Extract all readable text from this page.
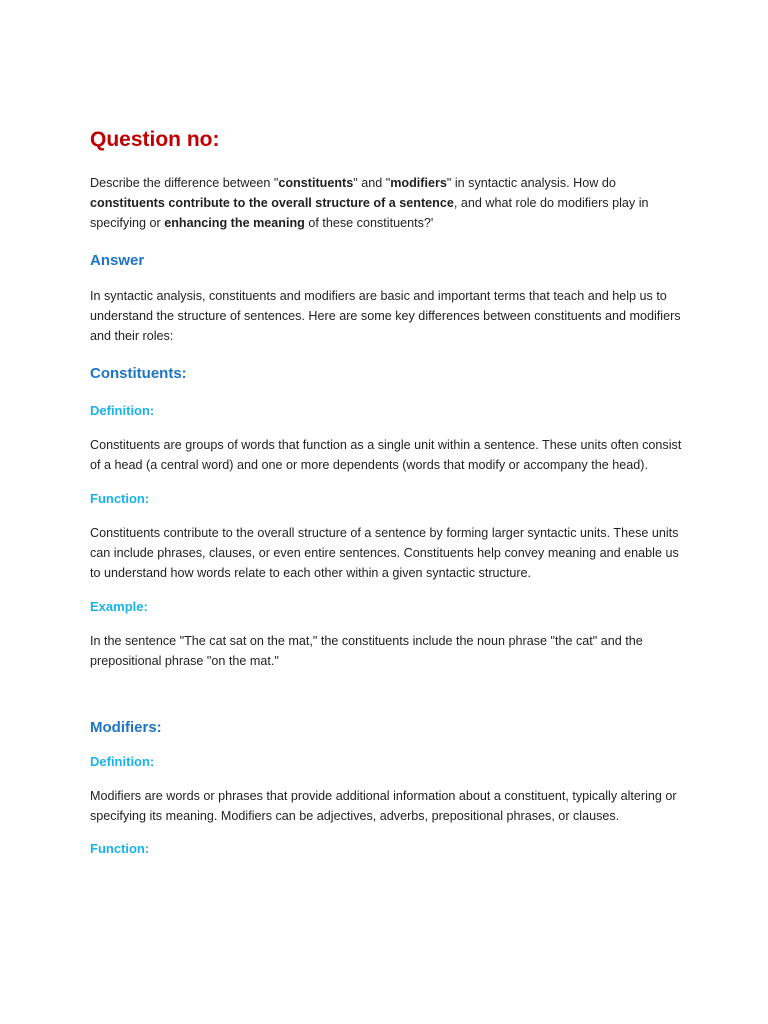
Question no:

Describe the difference between "constituents" and "modifiers" in syntactic analysis. How do constituents contribute to the overall structure of a sentence, and what role do modifiers play in specifying or enhancing the meaning of these constituents?'

Answer

In syntactic analysis, constituents and modifiers are basic and important terms that teach and help us to understand the structure of sentences. Here are some key differences between constituents and modifiers and their roles:

Constituents:
Definition:

Constituents are groups of words that function as a single unit within a sentence. These units often consist of a head (a central word) and one or more dependents (words that modify or accompany the head).

Function:

Constituents contribute to the overall structure of a sentence by forming larger syntactic units. These units can include phrases, clauses, or even entire sentences. Constituents help convey meaning and enable us to understand how words relate to each other within a given syntactic structure.

Example:

In the sentence "The cat sat on the mat," the constituents include the noun phrase "the cat" and the prepositional phrase "on the mat."

Modifiers:
Definition:

Modifiers are words or phrases that provide additional information about a constituent, typically altering or specifying its meaning. Modifiers can be adjectives, adverbs, prepositional phrases, or clauses.

Function:
